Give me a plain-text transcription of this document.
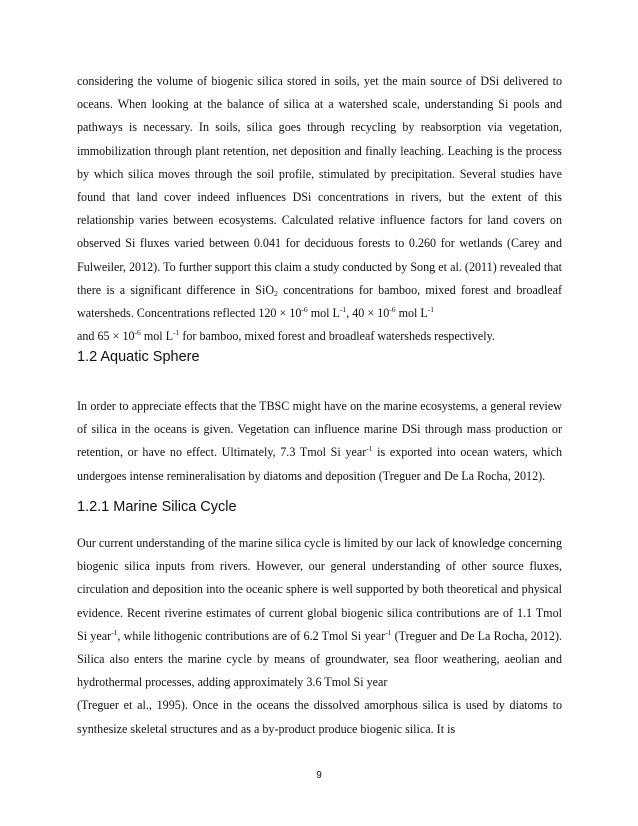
considering the volume of biogenic silica stored in soils, yet the main source of DSi delivered to oceans. When looking at the balance of silica at a watershed scale, understanding Si pools and pathways is necessary. In soils, silica goes through recycling by reabsorption via vegetation, immobilization through plant retention, net deposition and finally leaching. Leaching is the process by which silica moves through the soil profile, stimulated by precipitation. Several studies have found that land cover indeed influences DSi concentrations in rivers, but the extent of this relationship varies between ecosystems. Calculated relative influence factors for land covers on observed Si fluxes varied between 0.041 for deciduous forests to 0.260 for wetlands (Carey and Fulweiler, 2012). To further support this claim a study conducted by Song et al. (2011) revealed that there is a significant difference in SiO$_2$ concentrations for bamboo, mixed forest and broadleaf watersheds. Concentrations reflected $120 \times 10^{-6}$ mol $L^{-1}$, $40 \times 10^{-6}$ mol $L^{-1}$
and $65 \times 10^{-6}$ mol $L^{-1}$ for bamboo, mixed forest and broadleaf watersheds respectively.

1.2 Aquatic Sphere

In order to appreciate effects that the TBSC might have on the marine ecosystems, a general review of silica in the oceans is given. Vegetation can influence marine DSi through mass production or retention, or have no effect. Ultimately, 7.3 Tmol Si year$^{-1}$ is exported into ocean waters, which undergoes intense remineralisation by diatoms and deposition (Treguer and De La Rocha, 2012).

1.2.1 Marine Silica Cycle

Our current understanding of the marine silica cycle is limited by our lack of knowledge concerning biogenic silica inputs from rivers. However, our general understanding of other source fluxes, circulation and deposition into the oceanic sphere is well supported by both theoretical and physical evidence. Recent riverine estimates of current global biogenic silica contributions are of 1.1 Tmol Si year$^{-1}$, while lithogenic contributions are of 6.2 Tmol Si year$^{-1}$ (Treguer and De La Rocha, 2012). Silica also enters the marine cycle by means of groundwater, sea floor weathering, aeolian and hydrothermal processes, adding approximately 3.6 Tmol Si year
(Treguer et al., 1995). Once in the oceans the dissolved amorphous silica is used by diatoms to synthesize skeletal structures and as a by-product produce biogenic silica. It is

9
